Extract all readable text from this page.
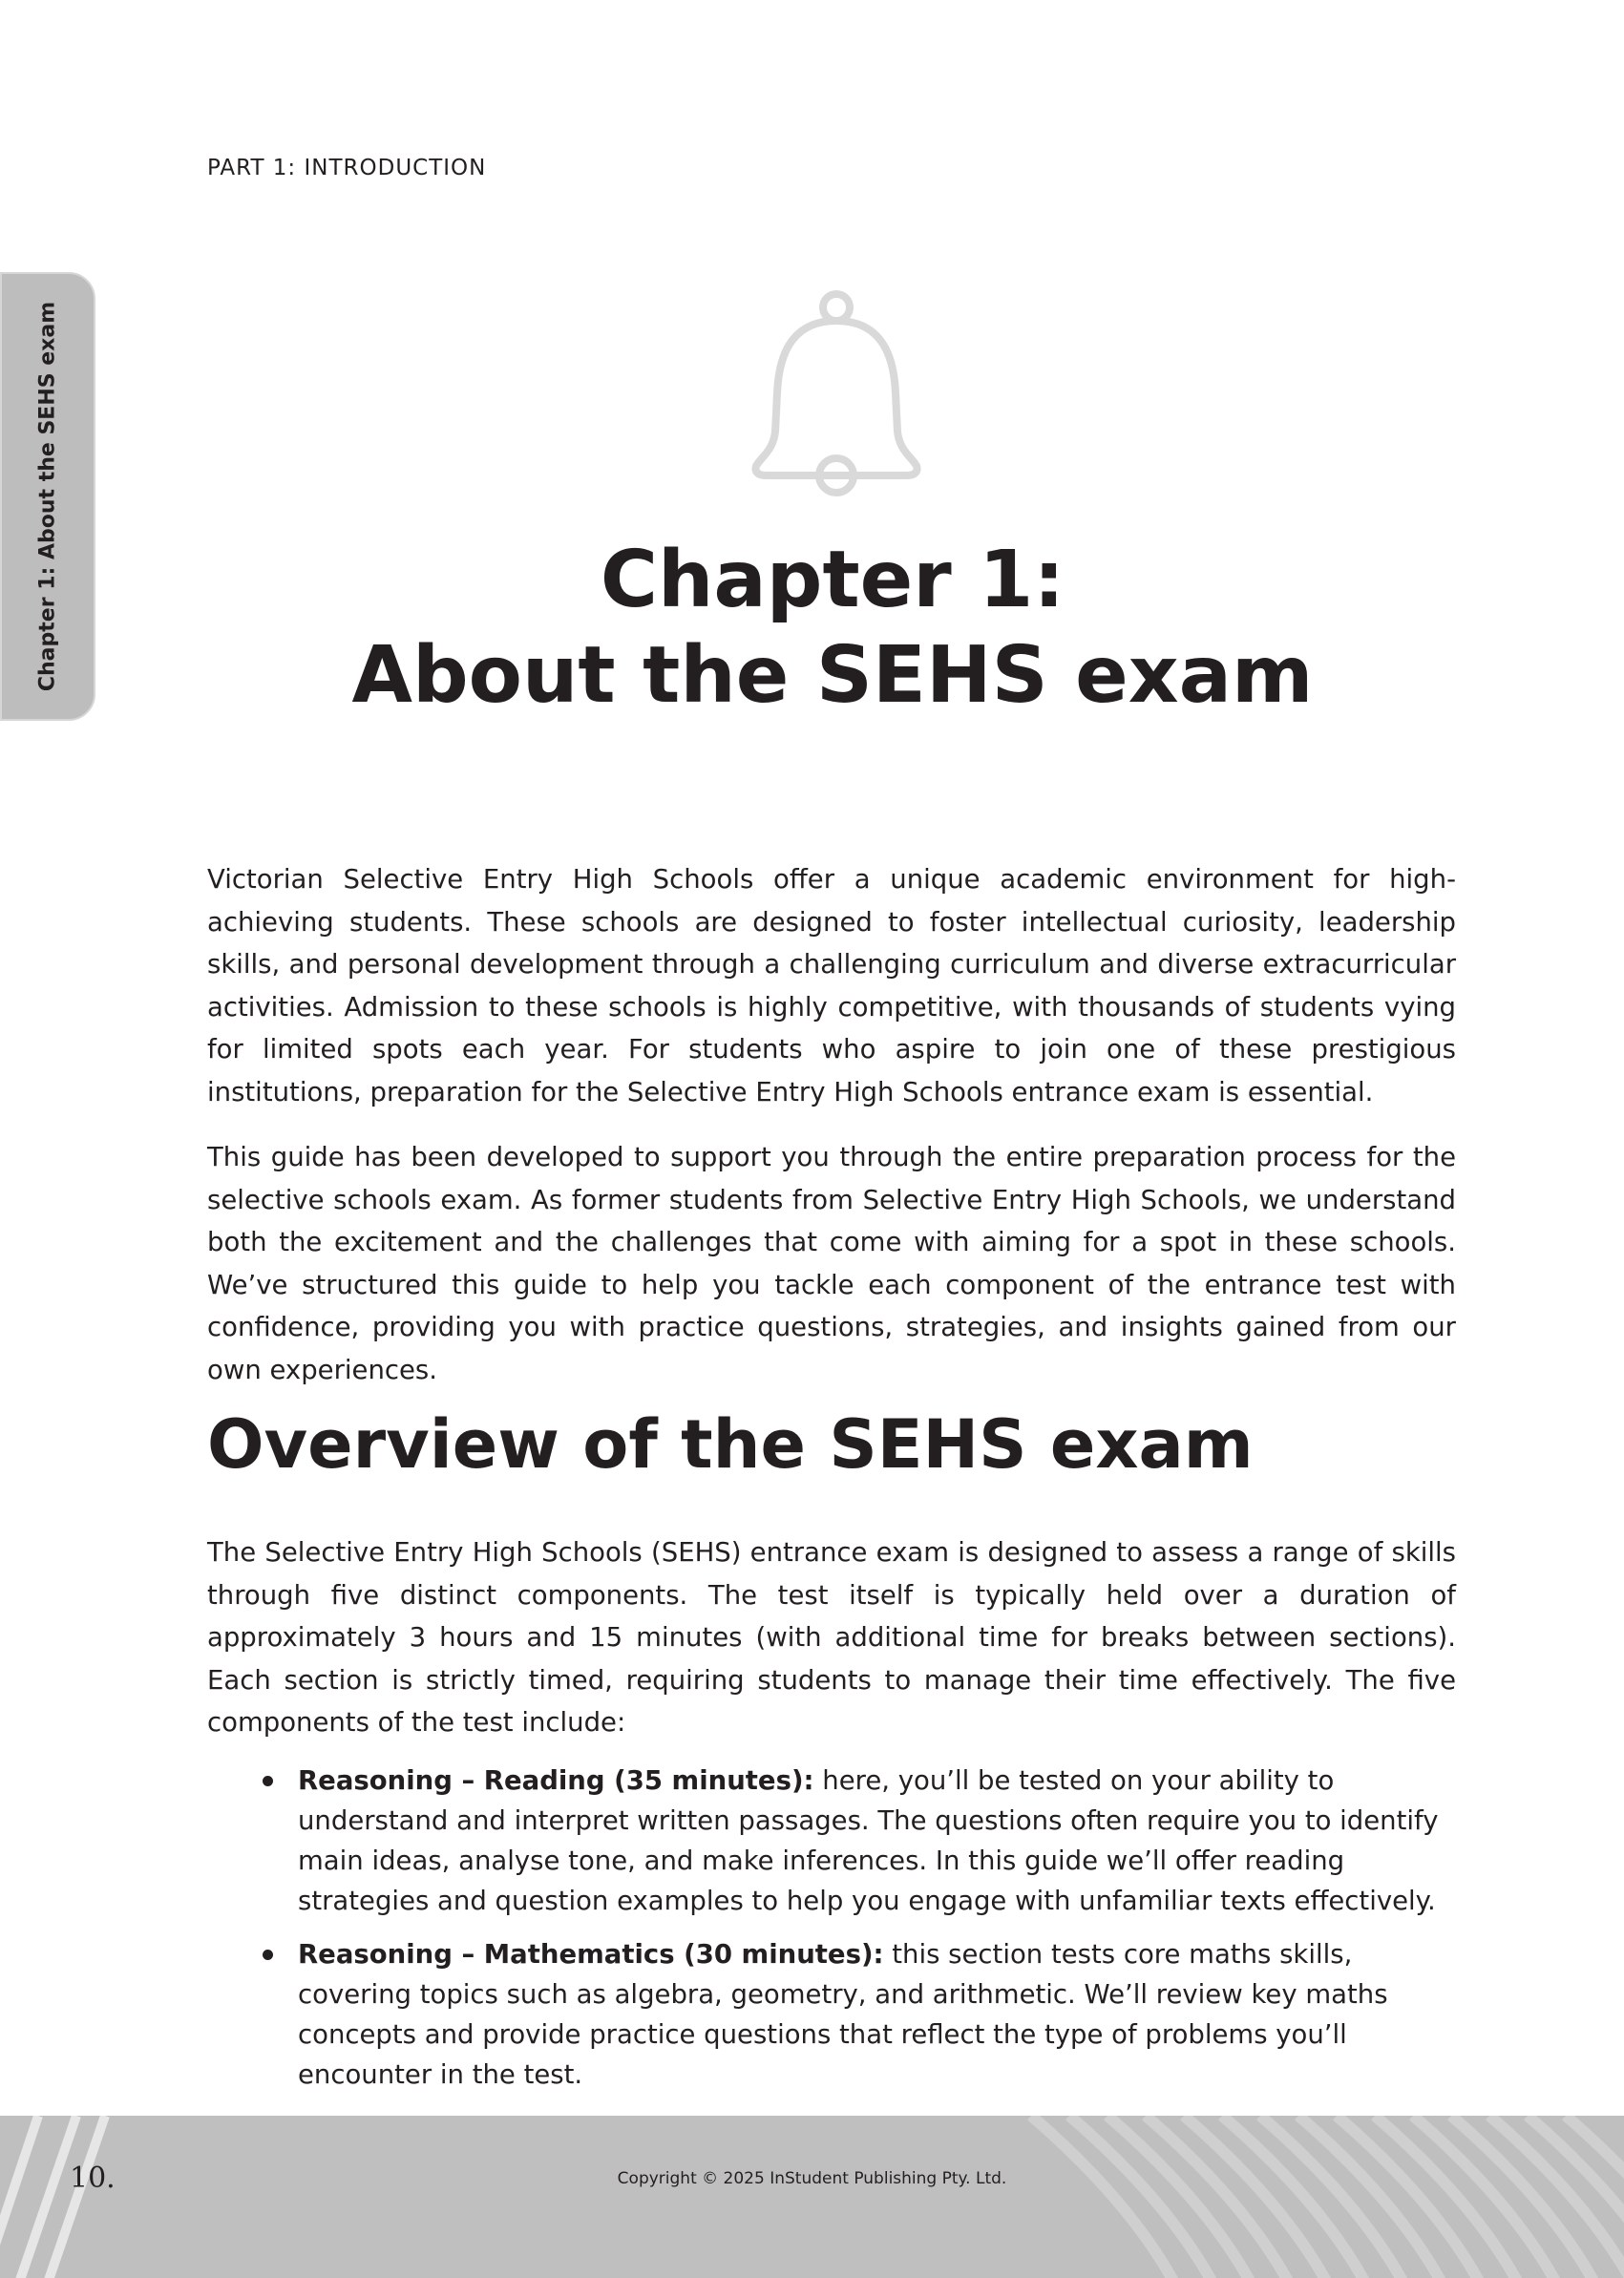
PART 1: INTRODUCTION
Chapter 1: About the SEHS exam	Chapter 1:
About the SEHS exam

Victorian Selective Entry High Schools offer a unique academic environment for high-achieving students. These schools are designed to foster intellectual curiosity, leadership skills, and personal development through a challenging curriculum and diverse extracurricular activities. Admission to these schools is highly competitive, with thousands of students vying for limited spots each year. For students who aspire to join one of these prestigious institutions, preparation for the Selective Entry High Schools entrance exam is essential.

This guide has been developed to support you through the entire preparation process for the selective schools exam. As former students from Selective Entry High Schools, we understand both the excitement and the challenges that come with aiming for a spot in these schools. We’ve structured this guide to help you tackle each component of the entrance test with confidence, providing you with practice questions, strategies, and insights gained from our own experiences.

Overview of the SEHS exam

The Selective Entry High Schools (SEHS) entrance exam is designed to assess a range of skills through five distinct components. The test itself is typically held over a duration of approximately 3 hours and 15 minutes (with additional time for breaks between sections). Each section is strictly timed, requiring students to manage their time effectively. The five components of the test include:

Reasoning – Reading (35 minutes): here, you’ll be tested on your ability to understand and interpret written passages. The questions often require you to identify main ideas, analyse tone, and make inferences. In this guide we’ll offer reading strategies and question examples to help you engage with unfamiliar texts effectively.
Reasoning – Mathematics (30 minutes): this section tests core maths skills, covering topics such as algebra, geometry, and arithmetic. We’ll review key maths concepts and provide practice questions that reflect the type of problems you’ll encounter in the test.
10.	Copyright © 2025 InStudent Publishing Pty. Ltd.
